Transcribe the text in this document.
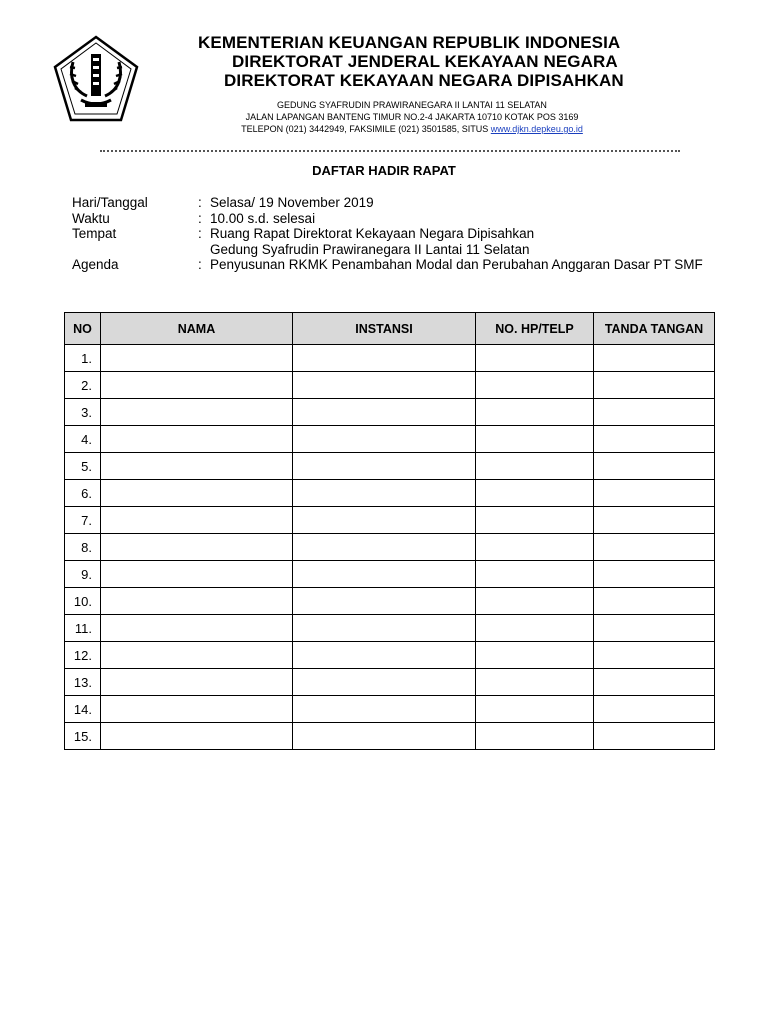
KEMENTERIAN KEUANGAN REPUBLIK INDONESIA
DIREKTORAT JENDERAL KEKAYAAN NEGARA
DIREKTORAT KEKAYAAN NEGARA DIPISAHKAN
GEDUNG SYAFRUDIN PRAWIRANEGARA II LANTAI 11 SELATAN
JALAN LAPANGAN BANTENG TIMUR NO.2-4 JAKARTA 10710 KOTAK POS 3169
TELEPON (021) 3442949, FAKSIMILE (021) 3501585, SITUS www.djkn.depkeu.go.id
DAFTAR HADIR RAPAT
Hari/Tanggal	: Selasa/ 19 November 2019
Waktu	: 10.00 s.d. selesai
Tempat	: Ruang Rapat Direktorat Kekayaan Negara Dipisahkan
Gedung Syafrudin Prawiranegara II Lantai 11 Selatan
Agenda	: Penyusunan RKMK Penambahan Modal dan Perubahan Anggaran Dasar PT SMF
NO	NAMA	INSTANSI	NO. HP/TELP	TANDA TANGAN
1.				
2.				
3.				
4.				
5.				
6.				
7.				
8.				
9.				
10.				
11.				
12.				
13.				
14.				
15.				
